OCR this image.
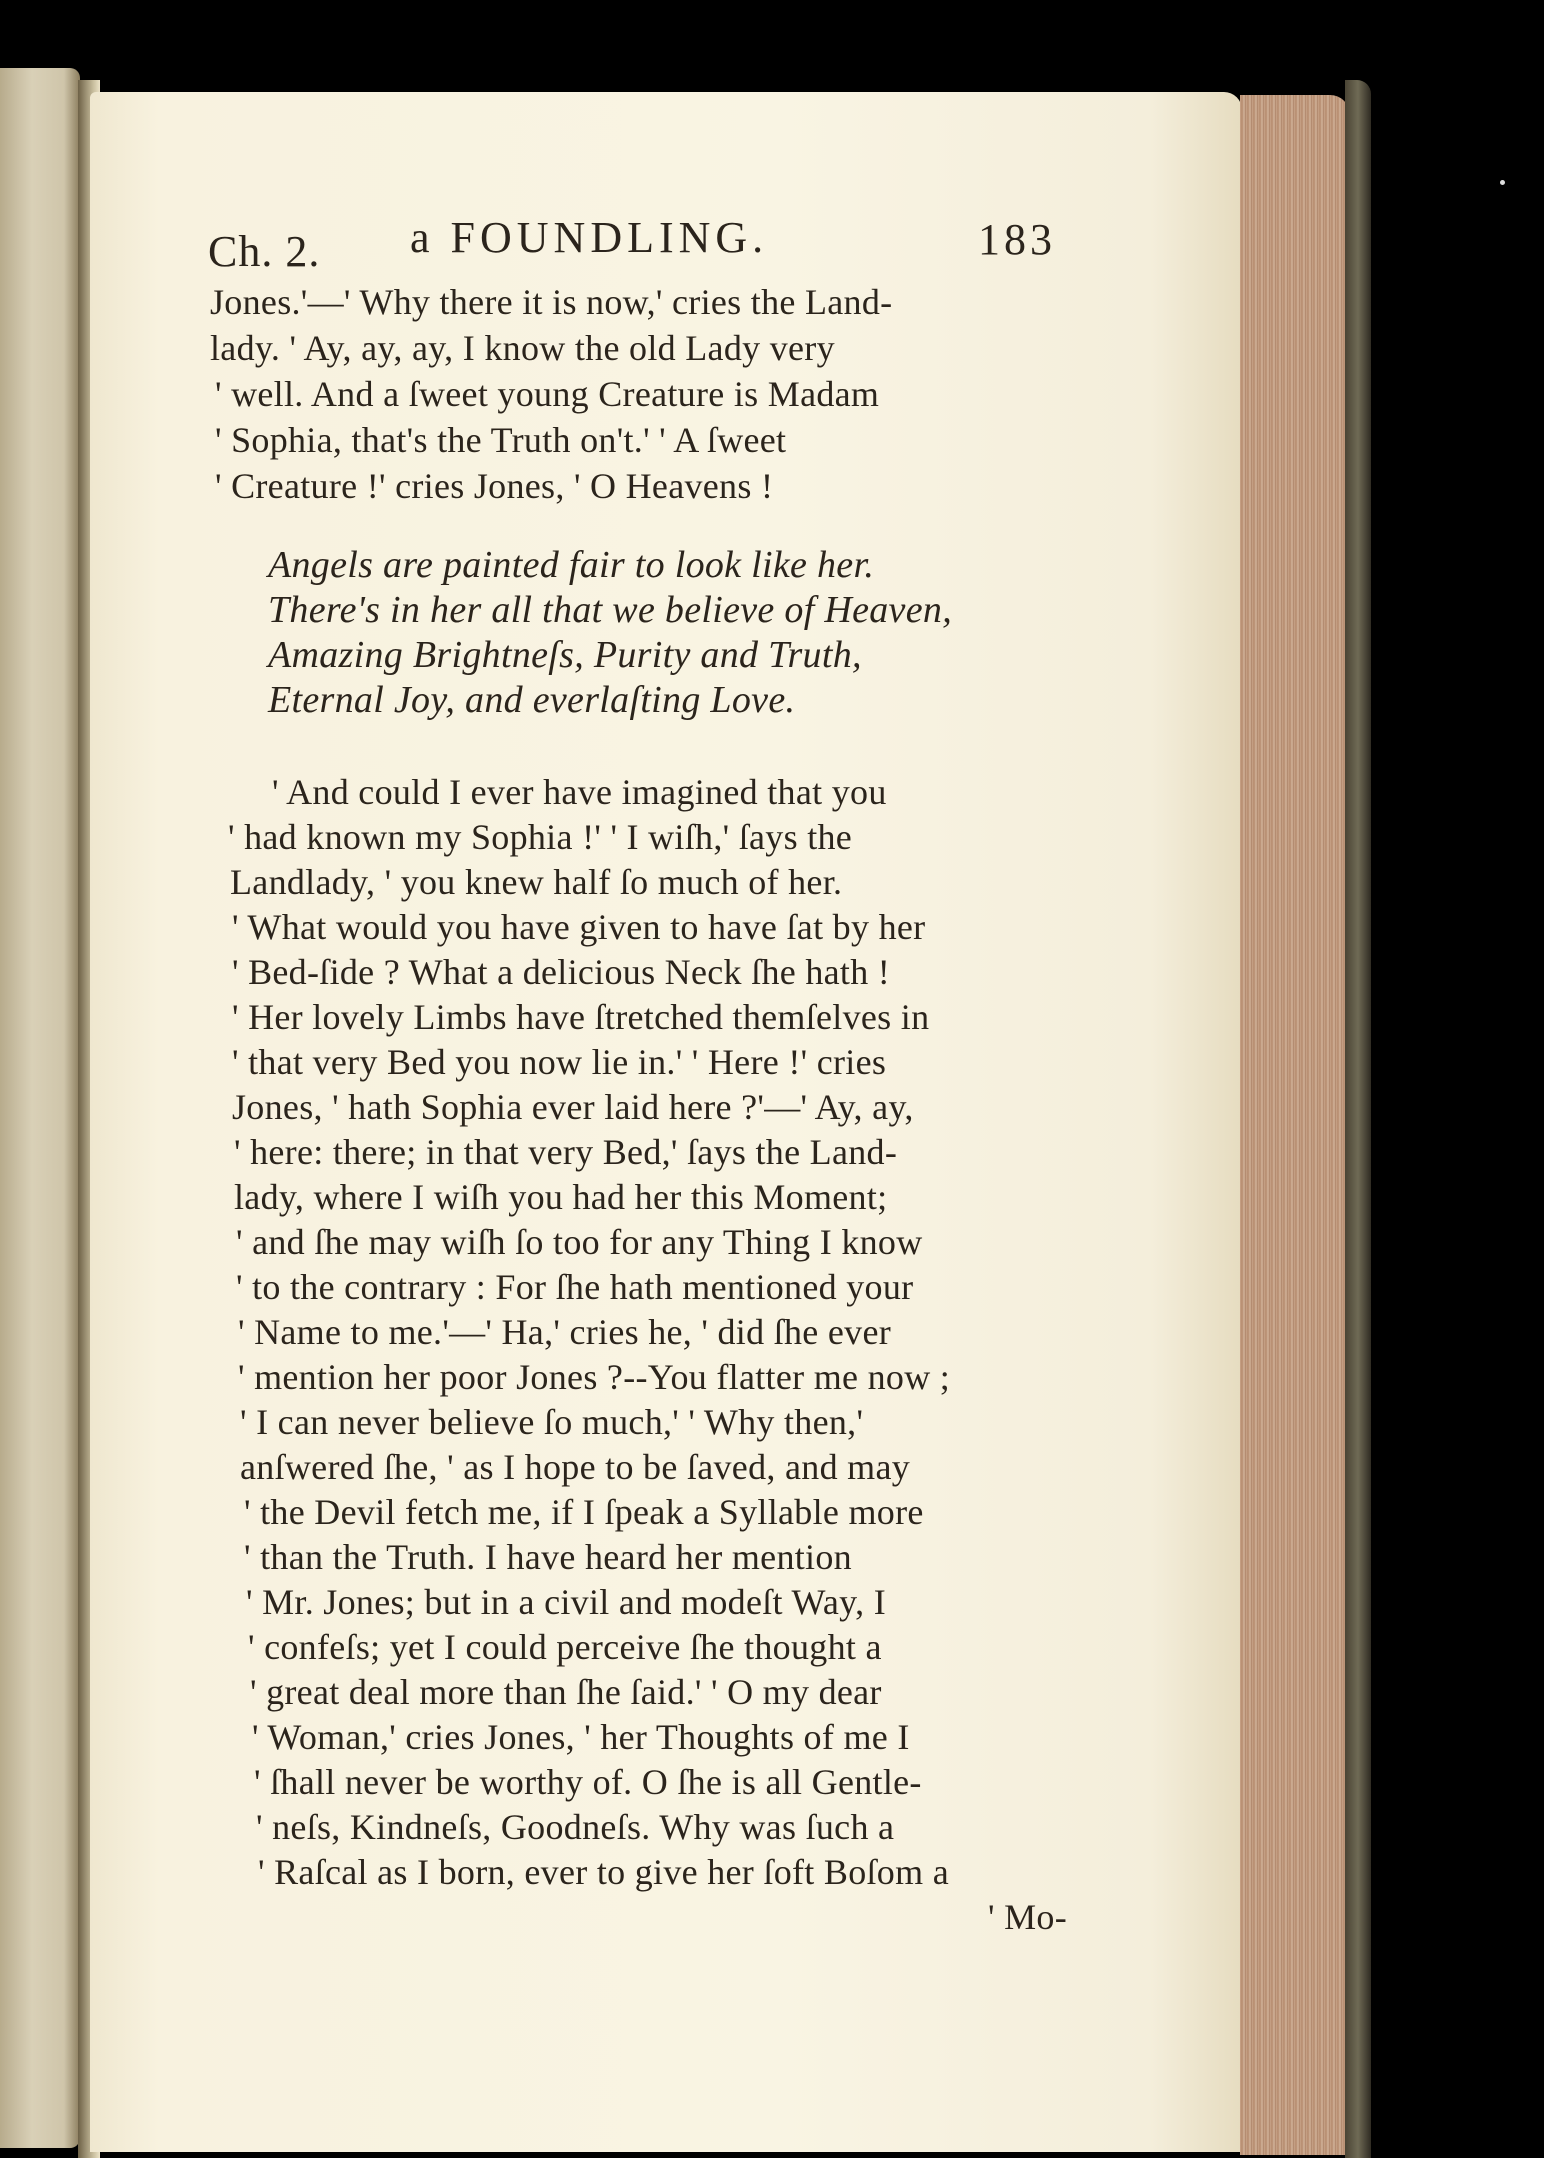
Ch. 2. a FOUNDLING.	183
Jones.'—' Why there it is now,' cries the Land-
lady. ' Ay, ay, ay, I know the old Lady very
' well. And a ſweet young Creature is Madam
' Sophia, that's the Truth on't.' ' A ſweet
' Creature !' cries Jones, ' O Heavens !
Angels are painted fair to look like her.
There's in her all that we believe of Heaven,
Amazing Brightneſs, Purity and Truth,
Eternal Joy, and everlaſting Love.
' And could I ever have imagined that you
' had known my Sophia !' ' I wiſh,' ſays the
Landlady, ' you knew half ſo much of her.
' What would you have given to have ſat by her
' Bed-ſide ? What a delicious Neck ſhe hath !
' Her lovely Limbs have ſtretched themſelves in
' that very Bed you now lie in.' ' Here !' cries
Jones, ' hath Sophia ever laid here ?'—' Ay, ay,
' here: there; in that very Bed,' ſays the Land-
lady, where I wiſh you had her this Moment;
' and ſhe may wiſh ſo too for any Thing I know
' to the contrary : For ſhe hath mentioned your
' Name to me.'—' Ha,' cries he, ' did ſhe ever
' mention her poor Jones ?--You flatter me now ;
' I can never believe ſo much,' ' Why then,'
anſwered ſhe, ' as I hope to be ſaved, and may
' the Devil fetch me, if I ſpeak a Syllable more
' than the Truth. I have heard her mention
' Mr. Jones; but in a civil and modeſt Way, I
' confeſs; yet I could perceive ſhe thought a
' great deal more than ſhe ſaid.' ' O my dear
' Woman,' cries Jones, ' her Thoughts of me I
' ſhall never be worthy of. O ſhe is all Gentle-
' neſs, Kindneſs, Goodneſs. Why was ſuch a
' Raſcal as I born, ever to give her ſoft Boſom a
' Mo-
